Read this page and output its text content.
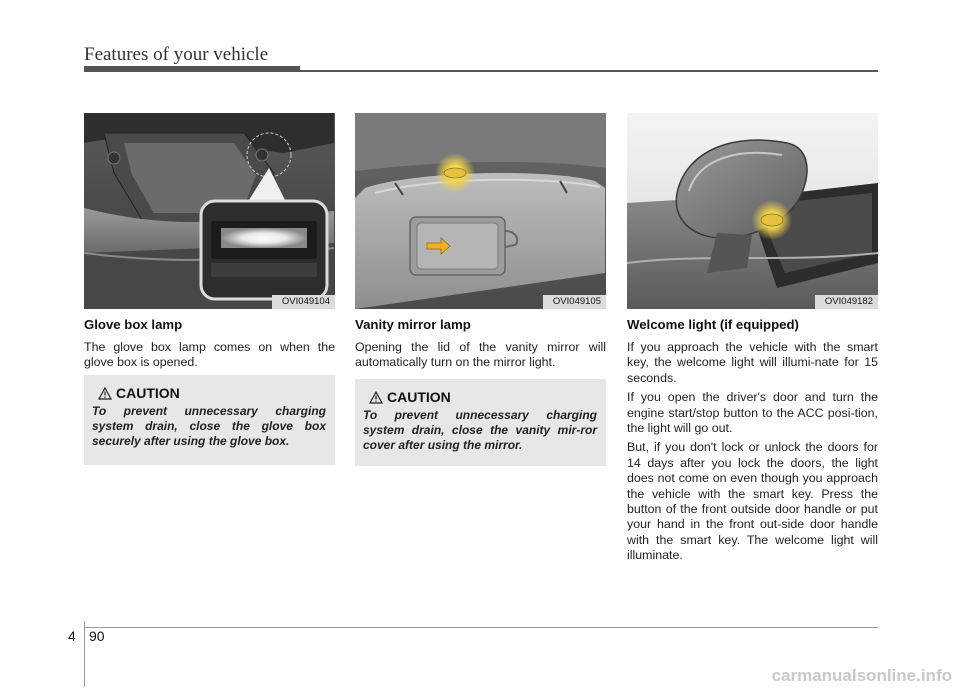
Features of your vehicle
OVI049104
Glove box lamp

The glove box lamp comes on when the glove box is opened.

CAUTION

To prevent unnecessary charging system drain, close the glove box securely after using the glove box.

OVI049105
Vanity mirror lamp

Opening the lid of the vanity mirror will automatically turn on the mirror light.

CAUTION

To prevent unnecessary charging system drain, close the vanity mir-ror cover after using the mirror.

OVI049182
Welcome light (if equipped)

If you approach the vehicle with the smart key, the welcome light will illumi-nate for 15 seconds.

If you open the driver's door and turn the engine start/stop button to the ACC posi-tion, the light will go out.

But, if you don't lock or unlock the doors for 14 days after you lock the doors, the light does not come on even though you approach the vehicle with the smart key. Press the button of the front outside door handle or put your hand in the front out-side door handle with the smart key. The welcome light will illuminate.

4 90
carmanualsonline.info
